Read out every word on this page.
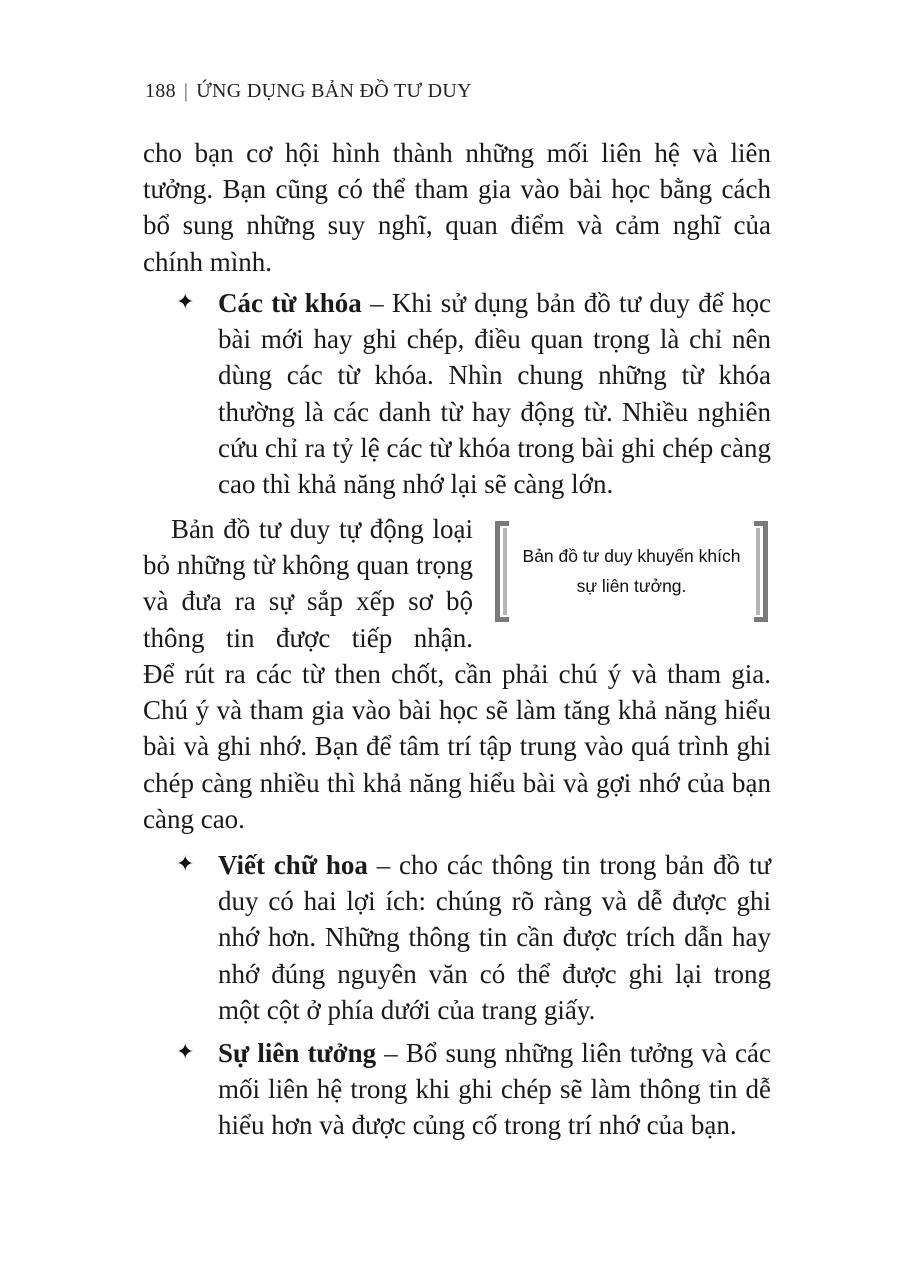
188 | ỨNG DỤNG BẢN ĐỒ TƯ DUY

cho bạn cơ hội hình thành những mối liên hệ và liên tưởng. Bạn cũng có thể tham gia vào bài học bằng cách bổ sung những suy nghĩ, quan điểm và cảm nghĩ của chính mình.

✦ Các từ khóa – Khi sử dụng bản đồ tư duy để học bài mới hay ghi chép, điều quan trọng là chỉ nên dùng các từ khóa. Nhìn chung những từ khóa thường là các danh từ hay động từ. Nhiều nghiên cứu chỉ ra tỷ lệ các từ khóa trong bài ghi chép càng cao thì khả năng nhớ lại sẽ càng lớn.

Bản đồ tư duy tự động loại bỏ những từ không quan trọng và đưa ra sự sắp xếp sơ bộ thông tin được tiếp nhận.

Bản đồ tư duy khuyến khích
sự liên tưởng.

Để rút ra các từ then chốt, cần phải chú ý và tham gia. Chú ý và tham gia vào bài học sẽ làm tăng khả năng hiểu bài và ghi nhớ. Bạn để tâm trí tập trung vào quá trình ghi chép càng nhiều thì khả năng hiểu bài và gợi nhớ của bạn càng cao.

✦ Viết chữ hoa – cho các thông tin trong bản đồ tư duy có hai lợi ích: chúng rõ ràng và dễ được ghi nhớ hơn. Những thông tin cần được trích dẫn hay nhớ đúng nguyên văn có thể được ghi lại trong một cột ở phía dưới của trang giấy.

✦ Sự liên tưởng – Bổ sung những liên tưởng và các mối liên hệ trong khi ghi chép sẽ làm thông tin dễ hiểu hơn và được củng cố trong trí nhớ của bạn.
